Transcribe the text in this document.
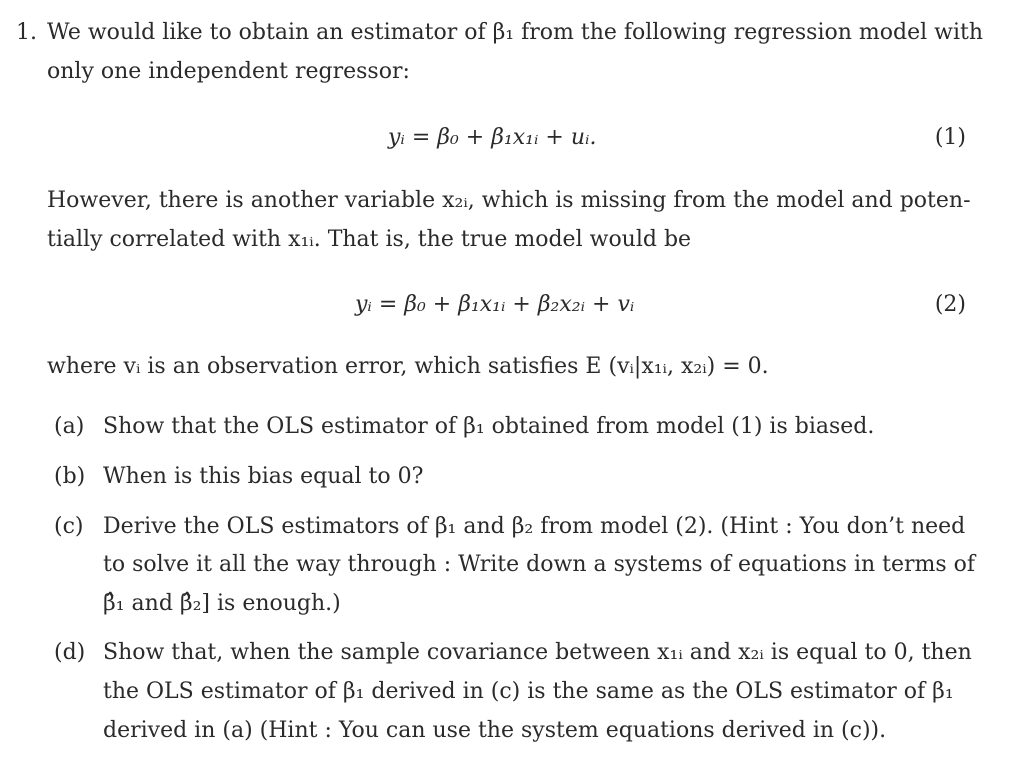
1. We would like to obtain an estimator of β₁ from the following regression model with
only one independent regressor:
yᵢ = β₀ + β₁x₁ᵢ + uᵢ.	(1)
However, there is another variable x₂ᵢ, which is missing from the model and poten-
tially correlated with x₁ᵢ. That is, the true model would be
yᵢ = β₀ + β₁x₁ᵢ + β₂x₂ᵢ + vᵢ	(2)
where vᵢ is an observation error, which satisfies E (vᵢ|x₁ᵢ, x₂ᵢ) = 0.
(a) Show that the OLS estimator of β₁ obtained from model (1) is biased.
(b) When is this bias equal to 0?
(c) Derive the OLS estimators of β₁ and β₂ from model (2). (Hint : You don’t need
to solve it all the way through : Write down a systems of equations in terms of
β̂₁ and β̂₂] is enough.)
(d) Show that, when the sample covariance between x₁ᵢ and x₂ᵢ is equal to 0, then
the OLS estimator of β₁ derived in (c) is the same as the OLS estimator of β₁
derived in (a) (Hint : You can use the system equations derived in (c)).
